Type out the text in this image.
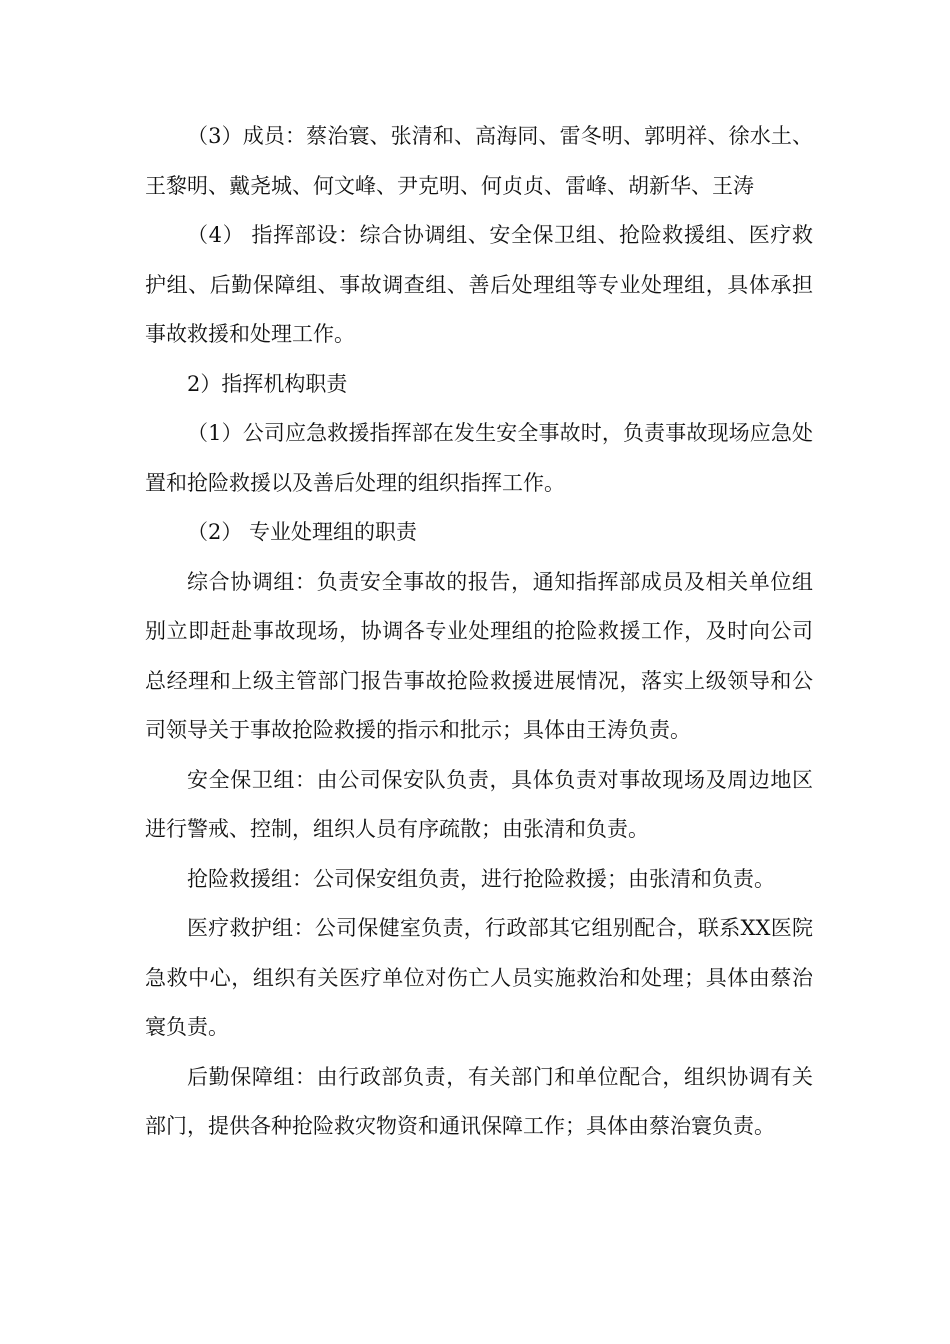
（3）成员：蔡治寰、张清和、高海同、雷冬明、郭明祥、徐水土、王黎明、戴尧城、何文峰、尹克明、何贞贞、雷峰、胡新华、王涛

（4） 指挥部设：综合协调组、安全保卫组、抢险救援组、医疗救护组、后勤保障组、事故调查组、善后处理组等专业处理组，具体承担事故救援和处理工作。

2）指挥机构职责

（1）公司应急救援指挥部在发生安全事故时，负责事故现场应急处置和抢险救援以及善后处理的组织指挥工作。

（2） 专业处理组的职责

综合协调组：负责安全事故的报告，通知指挥部成员及相关单位组别立即赶赴事故现场，协调各专业处理组的抢险救援工作，及时向公司总经理和上级主管部门报告事故抢险救援进展情况，落实上级领导和公司领导关于事故抢险救援的指示和批示；具体由王涛负责。

安全保卫组：由公司保安队负责，具体负责对事故现场及周边地区进行警戒、控制，组织人员有序疏散；由张清和负责。

抢险救援组：公司保安组负责，进行抢险救援；由张清和负责。

医疗救护组：公司保健室负责，行政部其它组别配合，联系XX医院急救中心，组织有关医疗单位对伤亡人员实施救治和处理；具体由蔡治寰负责。

后勤保障组：由行政部负责，有关部门和单位配合，组织协调有关部门，提供各种抢险救灾物资和通讯保障工作；具体由蔡治寰负责。
